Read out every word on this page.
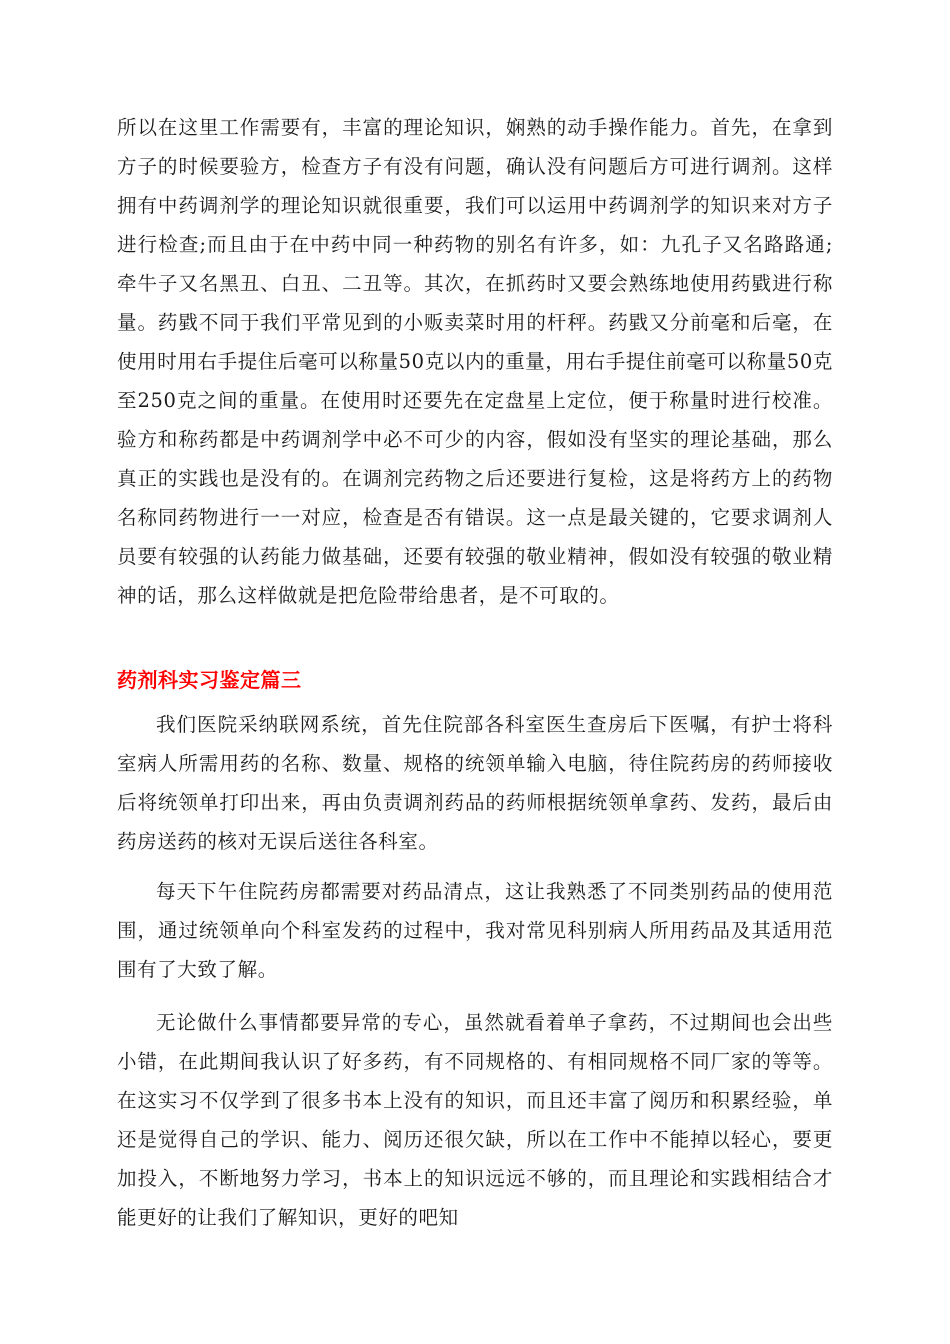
所以在这里工作需要有，丰富的理论知识，娴熟的动手操作能力。首先，在拿到方子的时候要验方，检查方子有没有问题，确认没有问题后方可进行调剂。这样拥有中药调剂学的理论知识就很重要，我们可以运用中药调剂学的知识来对方子进行检查;而且由于在中药中同一种药物的别名有许多，如：九孔子又名路路通;牵牛子又名黑丑、白丑、二丑等。其次，在抓药时又要会熟练地使用药戥进行称量。药戥不同于我们平常见到的小贩卖菜时用的杆秤。药戥又分前毫和后毫，在使用时用右手提住后毫可以称量50克以内的重量，用右手提住前毫可以称量50克至250克之间的重量。在使用时还要先在定盘星上定位，便于称量时进行校准。验方和称药都是中药调剂学中必不可少的内容，假如没有坚实的理论基础，那么真正的实践也是没有的。在调剂完药物之后还要进行复检，这是将药方上的药物名称同药物进行一一对应，检查是否有错误。这一点是最关键的，它要求调剂人员要有较强的认药能力做基础，还要有较强的敬业精神，假如没有较强的敬业精神的话，那么这样做就是把危险带给患者，是不可取的。

药剂科实习鉴定篇三

我们医院采纳联网系统，首先住院部各科室医生查房后下医嘱，有护士将科室病人所需用药的名称、数量、规格的统领单输入电脑，待住院药房的药师接收后将统领单打印出来，再由负责调剂药品的药师根据统领单拿药、发药，最后由药房送药的核对无误后送往各科室。

每天下午住院药房都需要对药品清点，这让我熟悉了不同类别药品的使用范围，通过统领单向个科室发药的过程中，我对常见科别病人所用药品及其适用范围有了大致了解。

无论做什么事情都要异常的专心，虽然就看着单子拿药，不过期间也会出些小错，在此期间我认识了好多药，有不同规格的、有相同规格不同厂家的等等。在这实习不仅学到了很多书本上没有的知识，而且还丰富了阅历和积累经验，单还是觉得自己的学识、能力、阅历还很欠缺，所以在工作中不能掉以轻心，要更加投入，不断地努力学习，书本上的知识远远不够的，而且理论和实践相结合才能更好的让我们了解知识，更好的吧知
